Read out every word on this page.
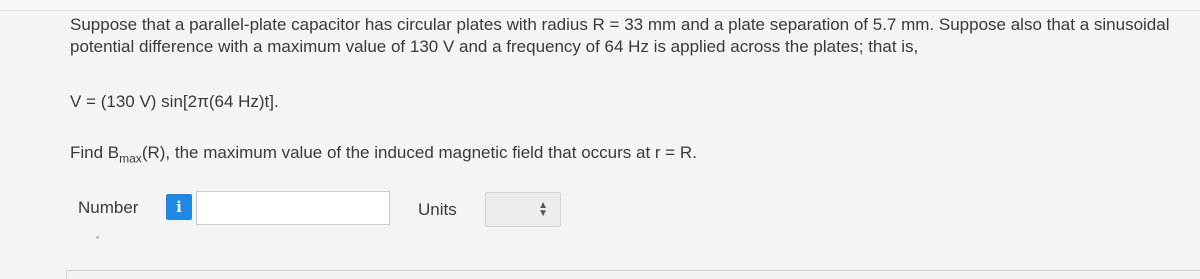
Suppose that a parallel-plate capacitor has circular plates with radius R = 33 mm and a plate separation of 5.7 mm. Suppose also that a sinusoidal potential difference with a maximum value of 130 V and a frequency of 64 Hz is applied across the plates; that is,

V = (130 V) sin[2π(64 Hz)t].
Find $B_{max}(R)$, the maximum value of the induced magnetic field that occurs at r = R.
Number	i	Units	▲
▼
